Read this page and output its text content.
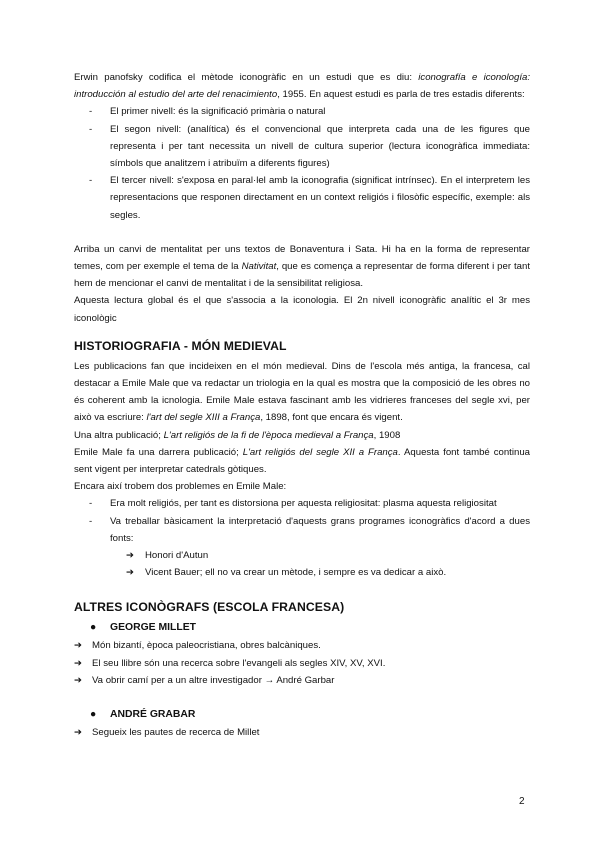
Erwin panofsky codifica el mètode iconogràfic en un estudi que es diu: iconografía e iconología: introducción al estudio del arte del renacimiento, 1955. En aquest estudi es parla de tres estadis diferents:

- El primer nivell: és la significació primària o natural
- El segon nivell: (analítica) és el convencional que interpreta cada una de les figures que representa i per tant necessita un nivell de cultura superior (lectura iconogràfica immediata: símbols que analitzem i atribuïm a diferents figures)
- El tercer nivell: s'exposa en paral·lel amb la iconografia (significat intrínsec). En el interpretem les representacions que responen directament en un context religiós i filosòfic específic, exemple: als segles.

Arriba un canvi de mentalitat per uns textos de Bonaventura i Sata. Hi ha en la forma de representar temes, com per exemple el tema de la Nativitat, que es comença a representar de forma diferent i per tant hem de mencionar el canvi de mentalitat i de la sensibilitat religiosa.

Aquesta lectura global és el que s'associa a la iconologia. El 2n nivell iconogràfic analític el 3r mes iconològic

HISTORIOGRAFIA - MÓN MEDIEVAL

Les publicacions fan que incideixen en el món medieval. Dins de l'escola més antiga, la francesa, cal destacar a Emile Male que va redactar un triologia en la qual es mostra que la composició de les obres no és coherent amb la icnologia. Emile Male estava fascinant amb les vidrieres franceses del segle xvi, per això va escriure: l'art del segle XIII a França, 1898, font que encara és vigent.

Una altra publicació; L'art religiós de la fi de l'època medieval a França, 1908

Emile Male fa una darrera publicació; L'art religiós del segle XII a França. Aquesta font també continua sent vigent per interpretar catedrals gòtiques.

Encara així trobem dos problemes en Emile Male:

- Era molt religiós, per tant es distorsiona per aquesta religiositat: plasma aquesta religiositat
- Va treballar bàsicament la interpretació d'aquests grans programes iconogràfics d'acord a dues fonts:
➔ Honori d'Autun
➔ Vicent Bauer; ell no va crear un mètode, i sempre es va dedicar a això.
ALTRES ICONÒGRAFS (ESCOLA FRANCESA)
● GEORGE MILLET
➔ Món bizantí, època paleocristiana, obres balcàniques.
➔ El seu llibre són una recerca sobre l'evangeli als segles XIV, XV, XVI.
➔ Va obrir camí per a un altre investigador → André Garbar
● ANDRÉ GRABAR
➔ Segueix les pautes de recerca de Millet
2
